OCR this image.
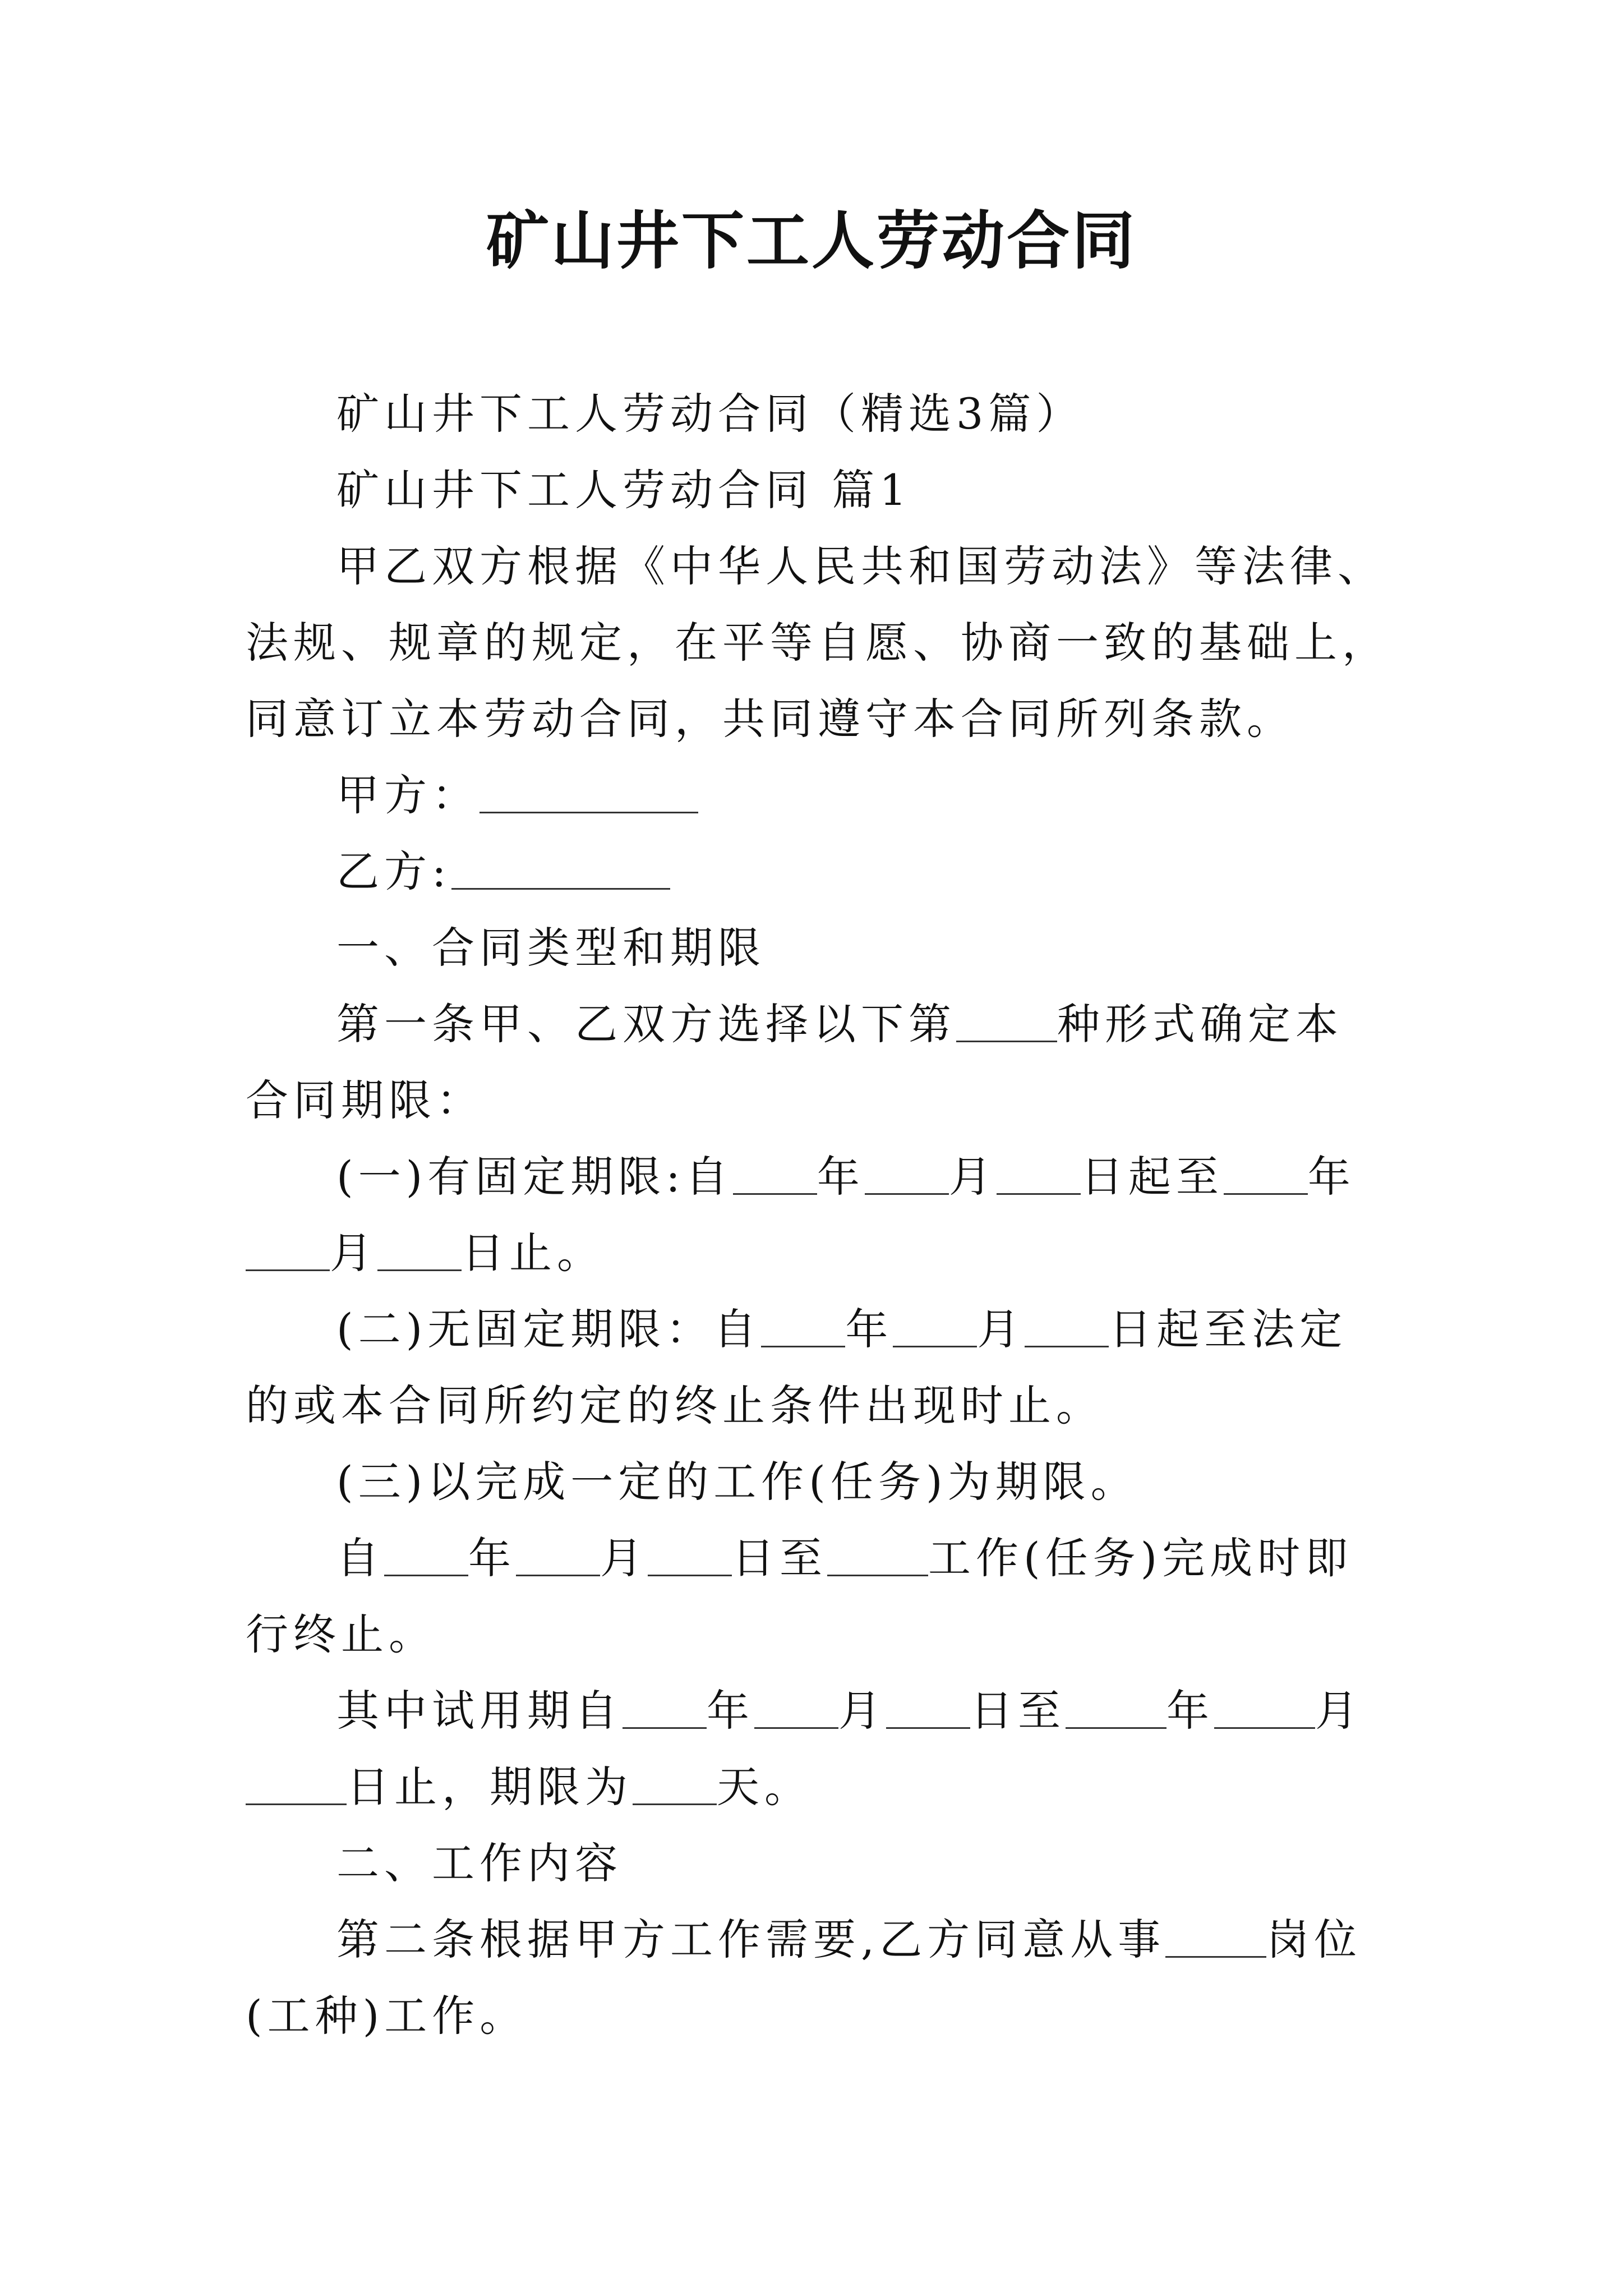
矿山井下工人劳动合同

矿山井下工人劳动合同（精选3篇）

矿山井下工人劳动合同 篇1

甲乙双方根据《中华人民共和国劳动法》等法律、法规、规章的规定，在平等自愿、协商一致的基础上，同意订立本劳动合同，共同遵守本合同所列条款。

甲方：

乙方:

一、合同类型和期限

第一条甲、乙双方选择以下第 种形式确定本合同期限：

(一)有固定期限:自 年 月 日起至 年月 日止。

(二)无固定期限：自 年 月 日起至法定的或本合同所约定的终止条件出现时止。

(三)以完成一定的工作(任务)为期限。

自 年 月 日至 工作(任务)完成时即行终止。

其中试用期自 年 月 日至 年 月日止，期限为 天。

二、工作内容

第二条根据甲方工作需要,乙方同意从事 岗位(工种)工作。
